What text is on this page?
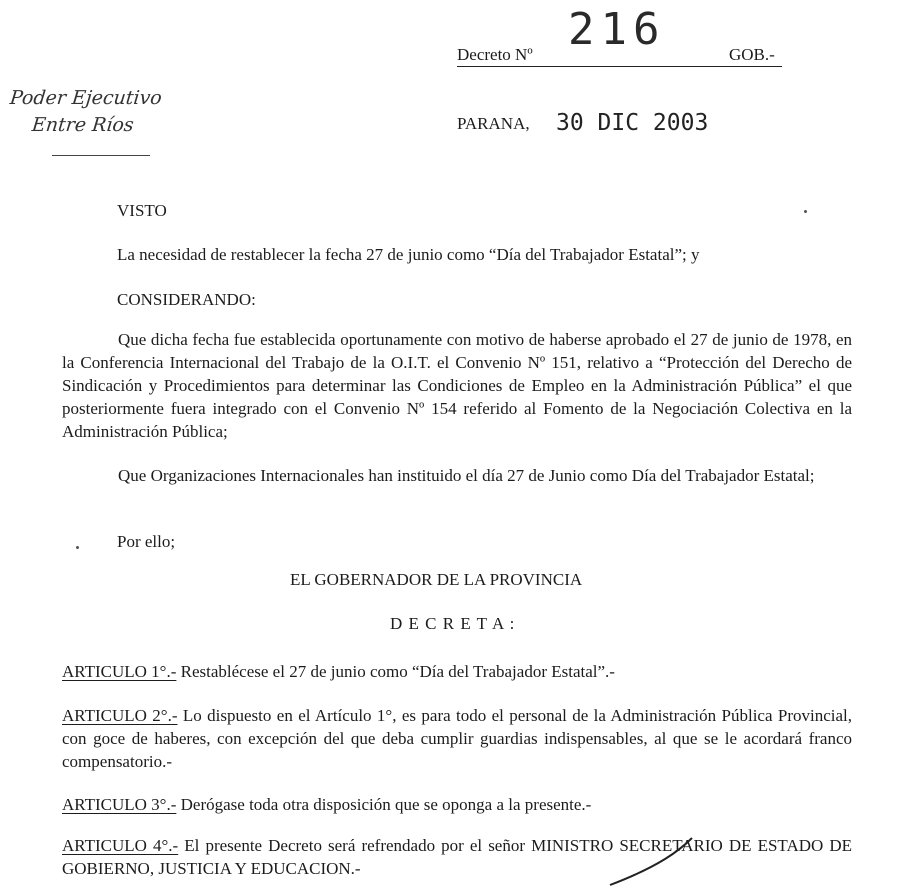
Decreto Nº 216	GOB.-
Poder Ejecutivo
Entre Ríos	PARANA, 30 DIC 2003
VISTO
La necesidad de restablecer la fecha 27 de junio como “Día del Trabajador Estatal”; y
CONSIDERANDO:
Que dicha fecha fue establecida oportunamente con motivo de haberse aprobado el 27 de junio de 1978, en la Conferencia Internacional del Trabajo de la O.I.T. el Convenio Nº 151, relativo a “Protección del Derecho de Sindicación y Procedimientos para determinar las Condiciones de Empleo en la Administración Pública” el que posteriormente fuera integrado con el Convenio Nº 154 referido al Fomento de la Negociación Colectiva en la Administración Pública;
Que Organizaciones Internacionales han instituido el día 27 de Junio como Día del Trabajador Estatal;
Por ello;
EL GOBERNADOR DE LA PROVINCIA
D E C R E T A :
ARTICULO 1°.- Restablécese el 27 de junio como “Día del Trabajador Estatal”.-
ARTICULO 2°.- Lo dispuesto en el Artículo 1°, es para todo el personal de la Administración Pública Provincial, con goce de haberes, con excepción del que deba cumplir guardias indispensables, al que se le acordará franco compensatorio.-
ARTICULO 3°.- Derógase toda otra disposición que se oponga a la presente.-
ARTICULO 4°.- El presente Decreto será refrendado por el señor MINISTRO SECRETARIO DE ESTADO DE GOBIERNO, JUSTICIA Y EDUCACION.-
